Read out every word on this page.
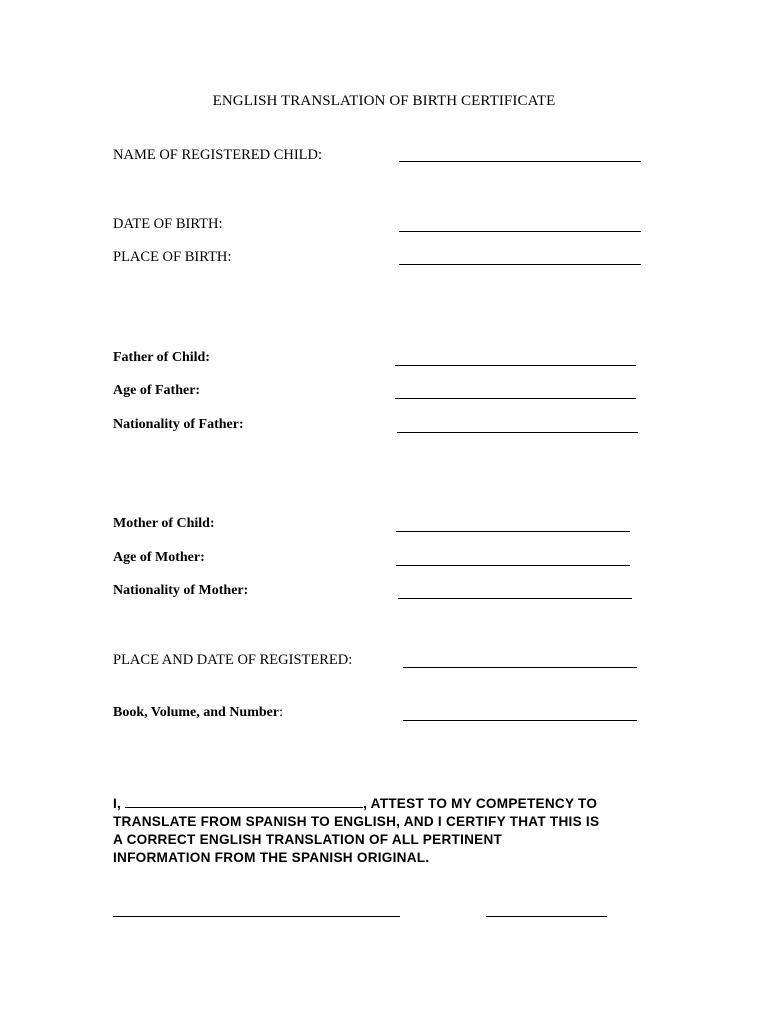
ENGLISH TRANSLATION OF BIRTH CERTIFICATE
NAME OF REGISTERED CHILD:
DATE OF BIRTH:
PLACE OF BIRTH:
Father of Child:
Age of Father:
Nationality of Father:
Mother of Child:
Age of Mother:
Nationality of Mother:
PLACE AND DATE OF REGISTERED:
Book, Volume, and Number:
I,	, ATTEST TO MY COMPETENCY TO
TRANSLATE FROM SPANISH TO ENGLISH, AND I CERTIFY THAT THIS IS
A CORRECT ENGLISH TRANSLATION OF ALL PERTINENT
INFORMATION FROM THE SPANISH ORIGINAL.
